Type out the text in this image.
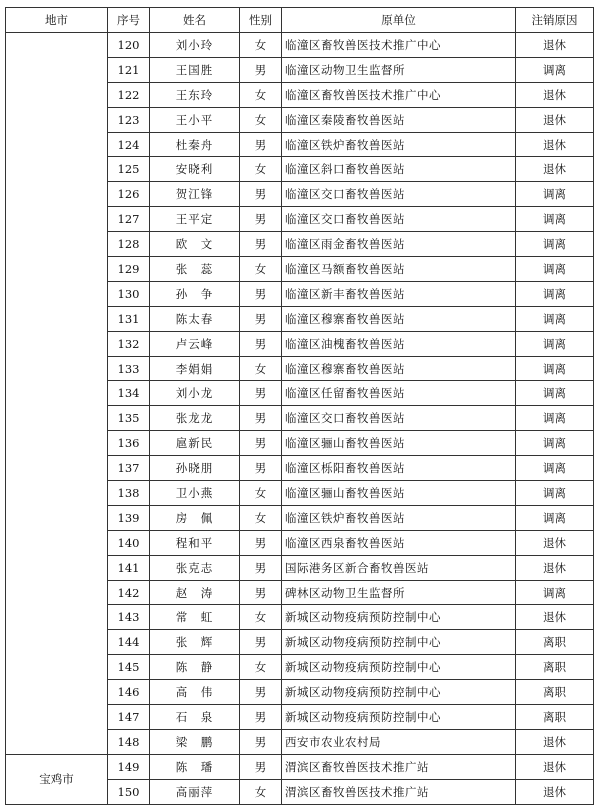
地市	序号	姓名	性别	原单位	注销原因
	120	刘小玲	女	临潼区畜牧兽医技术推广中心	退休
	121	王国胜	男	临潼区动物卫生监督所	调离
	122	王东玲	女	临潼区畜牧兽医技术推广中心	退休
	123	王小平	女	临潼区秦陵畜牧兽医站	退休
	124	杜秦舟	男	临潼区铁炉畜牧兽医站	退休
	125	安晓利	女	临潼区斜口畜牧兽医站	退休
	126	贺江锋	男	临潼区交口畜牧兽医站	调离
	127	王平定	男	临潼区交口畜牧兽医站	调离
	128	欧　文	男	临潼区雨金畜牧兽医站	调离
	129	张　蕊	女	临潼区马额畜牧兽医站	调离
	130	孙　争	男	临潼区新丰畜牧兽医站	调离
	131	陈太春	男	临潼区穆寨畜牧兽医站	调离
	132	卢云峰	男	临潼区油槐畜牧兽医站	调离
	133	李娟娟	女	临潼区穆寨畜牧兽医站	调离
	134	刘小龙	男	临潼区任留畜牧兽医站	调离
	135	张龙龙	男	临潼区交口畜牧兽医站	调离
	136	扈新民	男	临潼区骊山畜牧兽医站	调离
	137	孙晓朋	男	临潼区栎阳畜牧兽医站	调离
	138	卫小燕	女	临潼区骊山畜牧兽医站	调离
	139	房　佩	女	临潼区铁炉畜牧兽医站	调离
	140	程和平	男	临潼区西泉畜牧兽医站	退休
	141	张克志	男	国际港务区新合畜牧兽医站	退休
	142	赵　涛	男	碑林区动物卫生监督所	调离
	143	常　虹	女	新城区动物疫病预防控制中心	退休
	144	张　辉	男	新城区动物疫病预防控制中心	离职
	145	陈　静	女	新城区动物疫病预防控制中心	离职
	146	高　伟	男	新城区动物疫病预防控制中心	离职
	147	石　泉	男	新城区动物疫病预防控制中心	离职
	148	梁　鹏	男	西安市农业农村局	退休
宝鸡市	149	陈　璠	男	渭滨区畜牧兽医技术推广站	退休
	150	高丽萍	女	渭滨区畜牧兽医技术推广站	退休
